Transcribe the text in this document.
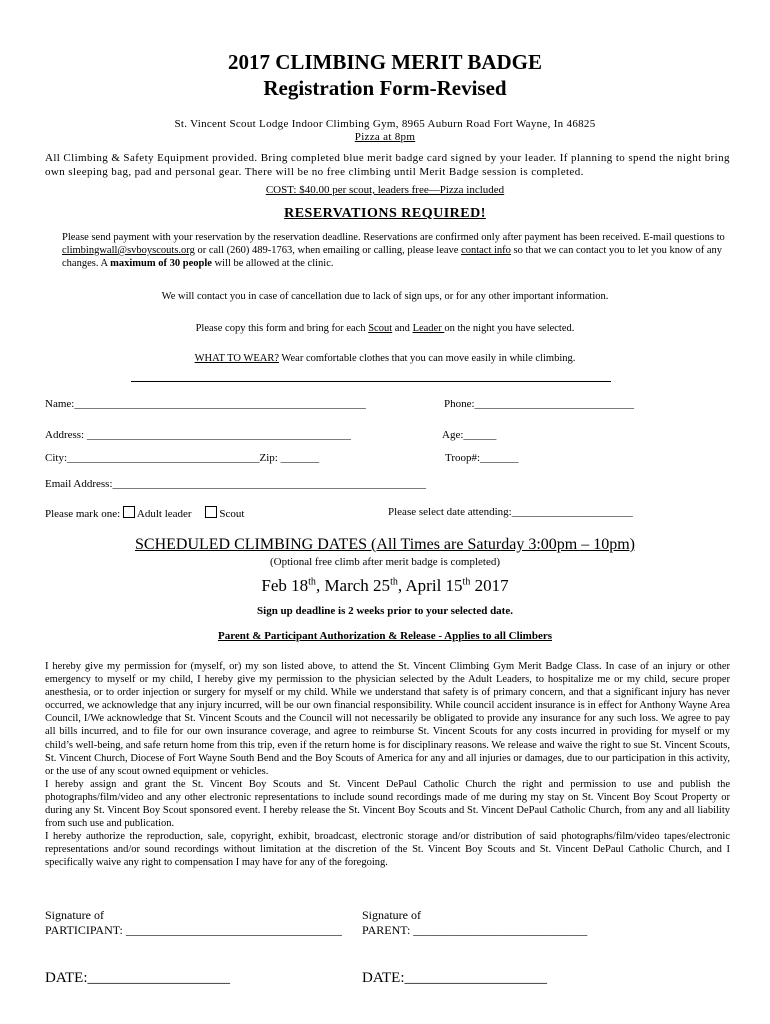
2017 CLIMBING MERIT BADGE
Registration Form-Revised
St. Vincent Scout Lodge Indoor Climbing Gym, 8965 Auburn Road Fort Wayne, In 46825
Pizza at 8pm
All Climbing & Safety Equipment provided. Bring completed blue merit badge card signed by your leader. If planning to spend the night bring own sleeping bag, pad and personal gear. There will be no free climbing until Merit Badge session is completed.
COST: $40.00 per scout, leaders free—Pizza included
RESERVATIONS REQUIRED!
Please send payment with your reservation by the reservation deadline. Reservations are confirmed only after payment has been received. E-mail questions to climbingwall@svboyscouts.org or call (260) 489-1763, when emailing or calling, please leave contact info so that we can contact you to let you know of any changes. A maximum of 30 people will be allowed at the clinic.
We will contact you in case of cancellation due to lack of sign ups, or for any other important information.
Please copy this form and bring for each Scout and Leader on the night you have selected.
WHAT TO WEAR? Wear comfortable clothes that you can move easily in while climbing.
Name:_____________________________________________________	Phone:_____________________________
Address: ________________________________________________	Age:______
City:___________________________________Zip: _______	Troop#:_______
Email Address:_________________________________________________________
Please mark one: Adult leader	Scout	Please select date attending:______________________
SCHEDULED CLIMBING DATES (All Times are Saturday 3:00pm – 10pm)
(Optional free climb after merit badge is completed)
Feb 18th, March 25th, April 15th 2017
Sign up deadline is 2 weeks prior to your selected date.
Parent & Participant Authorization & Release - Applies to all Climbers

I hereby give my permission for (myself, or) my son listed above, to attend the St. Vincent Climbing Gym Merit Badge Class. In case of an injury or other emergency to myself or my child, I hereby give my permission to the physician selected by the Adult Leaders, to hospitalize me or my child, secure proper anesthesia, or to order injection or surgery for myself or my child. While we understand that safety is of primary concern, and that a significant injury has never occurred, we acknowledge that any injury incurred, will be our own financial responsibility. While council accident insurance is in effect for Anthony Wayne Area Council, I/We acknowledge that St. Vincent Scouts and the Council will not necessarily be obligated to provide any insurance for any such loss. We agree to pay all bills incurred, and to file for our own insurance coverage, and agree to reimburse St. Vincent Scouts for any costs incurred in providing for myself or my child’s well-being, and safe return home from this trip, even if the return home is for disciplinary reasons. We release and waive the right to sue St. Vincent Scouts, St. Vincent Church, Diocese of Fort Wayne South Bend and the Boy Scouts of America for any and all injuries or damages, due to our participation in this activity, or the use of any scout owned equipment or vehicles.

I hereby assign and grant the St. Vincent Boy Scouts and St. Vincent DePaul Catholic Church the right and permission to use and publish the photographs/film/video and any other electronic representations to include sound recordings made of me during my stay on St. Vincent Boy Scout Property or during any St. Vincent Boy Scout sponsored event. I hereby release the St. Vincent Boy Scouts and St. Vincent DePaul Catholic Church, from any and all liability from such use and publication.

I hereby authorize the reproduction, sale, copyright, exhibit, broadcast, electronic storage and/or distribution of said photographs/film/video tapes/electronic representations and/or sound recordings without limitation at the discretion of the St. Vincent Boy Scouts and St. Vincent DePaul Catholic Church, and I specifically waive any right to compensation I may have for any of the foregoing.

Signature of
PARTICIPANT: ____________________________________
Signature of
PARENT: _____________________________
DATE:___________________	DATE:___________________
